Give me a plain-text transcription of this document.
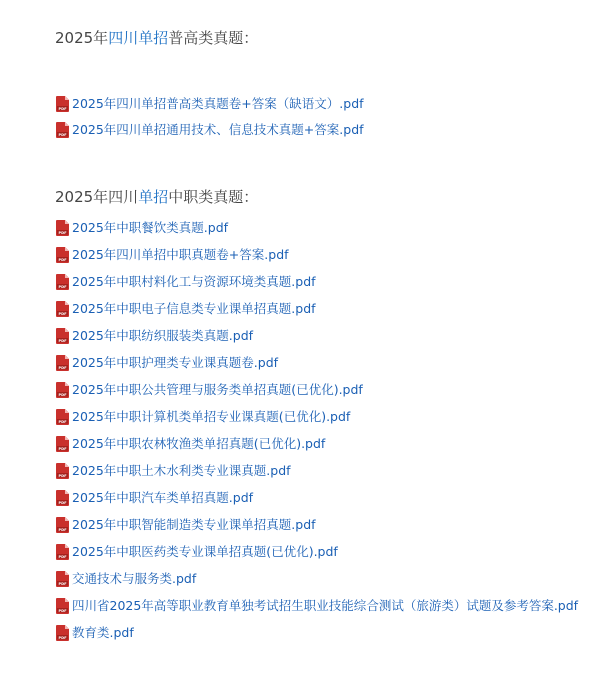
2025年四川单招普高类真题：
PDF 2025年四川单招普高类真题卷+答案（缺语文）.pdf
PDF 2025年四川单招通用技术、信息技术真题+答案.pdf
2025年四川单招中职类真题：
PDF 2025年中职餐饮类真题.pdf
PDF 2025年四川单招中职真题卷+答案.pdf
PDF 2025年中职村料化工与资源环境类真题.pdf
PDF 2025年中职电子信息类专业课单招真题.pdf
PDF 2025年中职纺织服装类真题.pdf
PDF 2025年中职护理类专业课真题卷.pdf
PDF 2025年中职公共管理与服务类单招真题(已优化).pdf
PDF 2025年中职计算机类单招专业课真题(已优化).pdf
PDF 2025年中职农林牧渔类单招真题(已优化).pdf
PDF 2025年中职土木水利类专业课真题.pdf
PDF 2025年中职汽车类单招真题.pdf
PDF 2025年中职智能制造类专业课单招真题.pdf
PDF 2025年中职医药类专业课单招真题(已优化).pdf
PDF 交通技术与服务类.pdf
PDF 四川省2025年高等职业教育单独考试招生职业技能综合测试（旅游类）试题及参考答案.pdf
PDF 教育类.pdf
